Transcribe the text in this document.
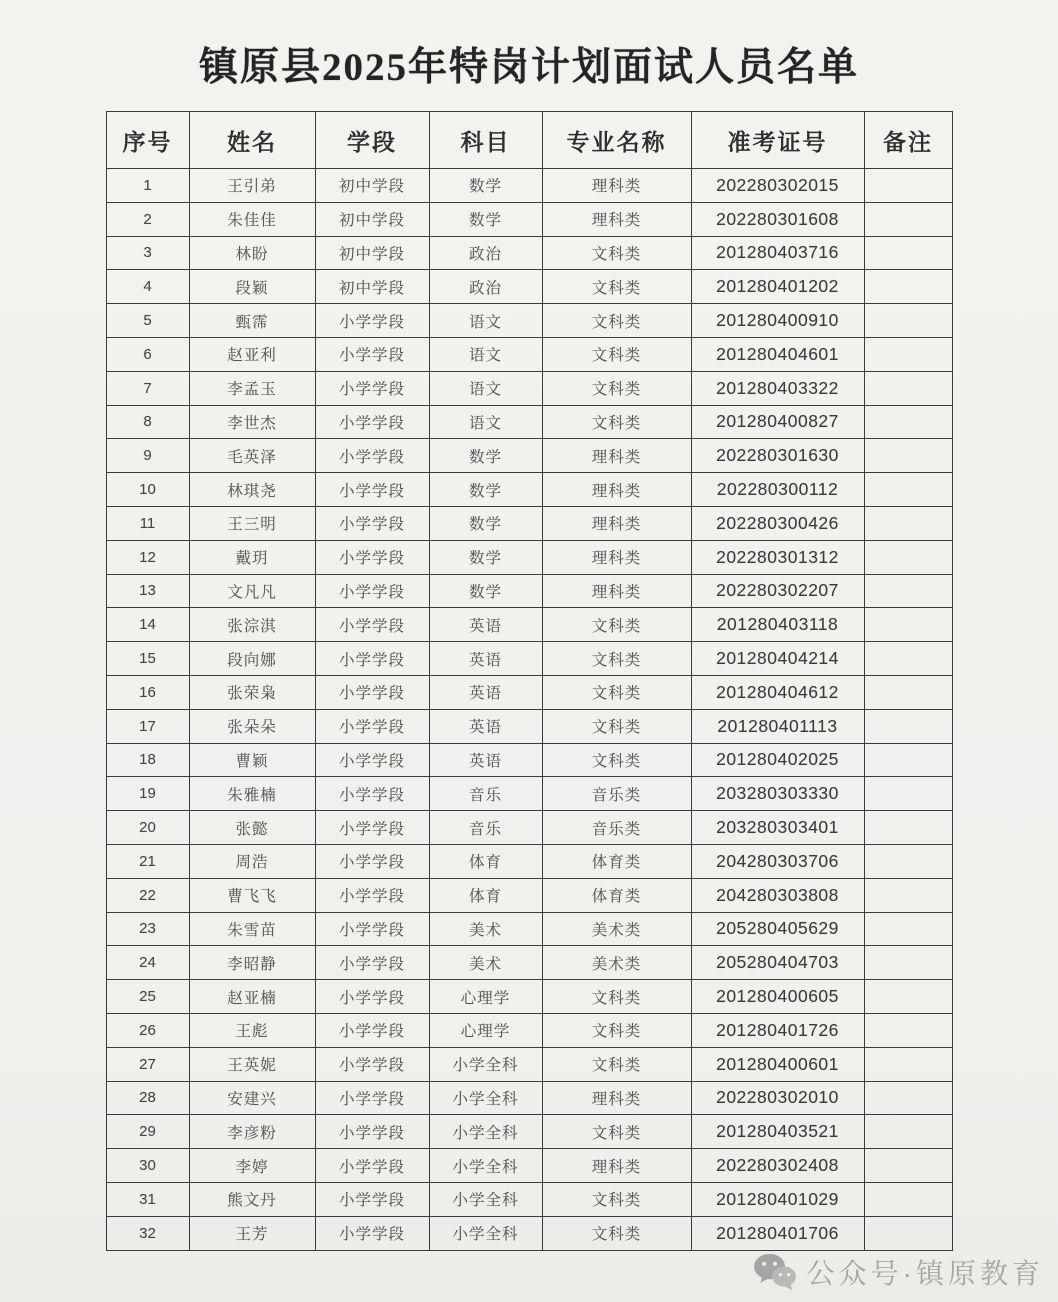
镇原县2025年特岗计划面试人员名单
序号	姓名	学段	科目	专业名称	准考证号	备注
1	王引弟	初中学段	数学	理科类	202280302015	
2	朱佳佳	初中学段	数学	理科类	202280301608	
3	林盼	初中学段	政治	文科类	201280403716	
4	段颖	初中学段	政治	文科类	201280401202	
5	甄霈	小学学段	语文	文科类	201280400910	
6	赵亚利	小学学段	语文	文科类	201280404601	
7	李孟玉	小学学段	语文	文科类	201280403322	
8	李世杰	小学学段	语文	文科类	201280400827	
9	毛英泽	小学学段	数学	理科类	202280301630	
10	林琪尧	小学学段	数学	理科类	202280300112	
11	王三明	小学学段	数学	理科类	202280300426	
12	戴玥	小学学段	数学	理科类	202280301312	
13	文凡凡	小学学段	数学	理科类	202280302207	
14	张淙淇	小学学段	英语	文科类	201280403118	
15	段向娜	小学学段	英语	文科类	201280404214	
16	张荣枭	小学学段	英语	文科类	201280404612	
17	张朵朵	小学学段	英语	文科类	201280401113	
18	曹颖	小学学段	英语	文科类	201280402025	
19	朱雅楠	小学学段	音乐	音乐类	203280303330	
20	张懿	小学学段	音乐	音乐类	203280303401	
21	周浩	小学学段	体育	体育类	204280303706	
22	曹飞飞	小学学段	体育	体育类	204280303808	
23	朱雪苗	小学学段	美术	美术类	205280405629	
24	李昭静	小学学段	美术	美术类	205280404703	
25	赵亚楠	小学学段	心理学	文科类	201280400605	
26	王彪	小学学段	心理学	文科类	201280401726	
27	王英妮	小学学段	小学全科	文科类	201280400601	
28	安建兴	小学学段	小学全科	理科类	202280302010	
29	李彦粉	小学学段	小学全科	文科类	201280403521	
30	李婷	小学学段	小学全科	理科类	202280302408	
31	熊文丹	小学学段	小学全科	文科类	201280401029	
32	王芳	小学学段	小学全科	文科类	201280401706	
公众号·镇原教育
